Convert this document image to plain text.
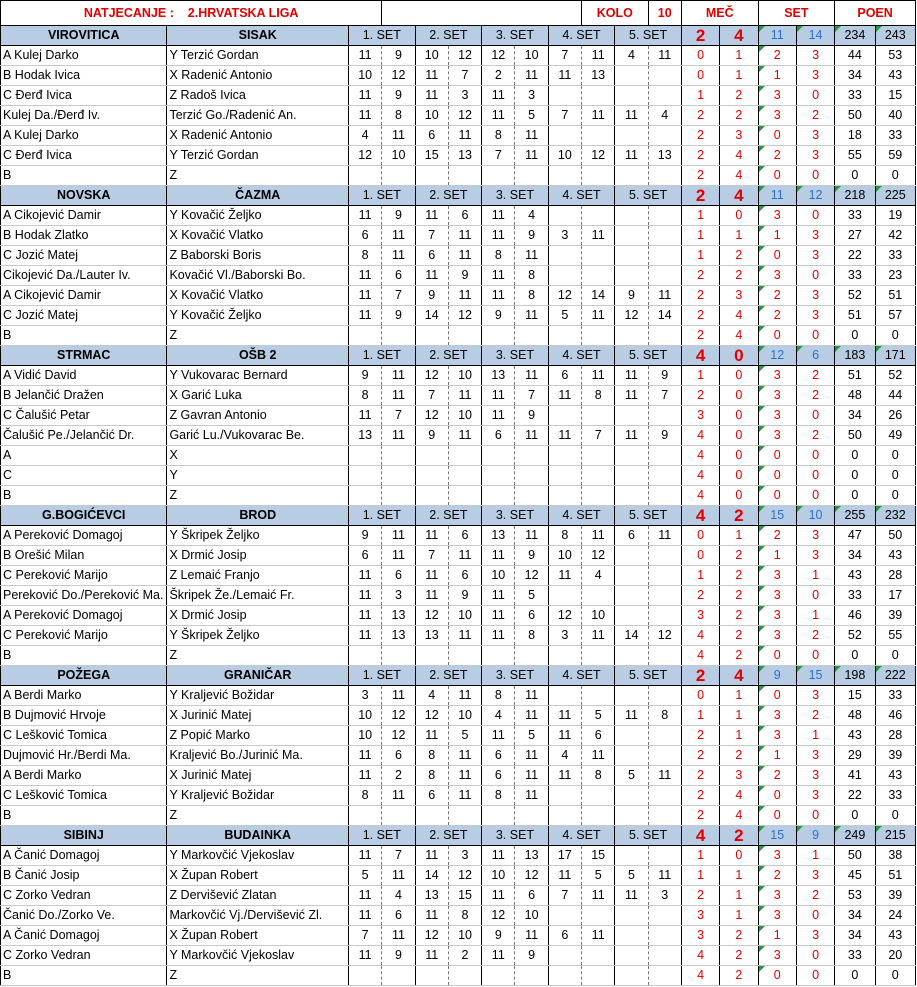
NATJECANJE : 2.HRVATSKA LIGA									KOLO		10	MEČ		SET		POEN	
VIROVITICA	SISAK	1. SET		2. SET		3. SET		4. SET		5. SET		2	4	11	14	234	243
A Kulej Darko	Y Terzić Gordan	11	9	10	12	12	10	7	11	4	11	0	1	2	3	44	53
B Hodak Ivica	X Radenić Antonio	10	12	11	7	2	11	11	13			0	1	1	3	34	43
C Đerđ Ivica	Z Radoš Ivica	11	9	11	3	11	3					1	2	3	0	33	15
Kulej Da./Đerđ Iv.	Terzić Go./Radenić An.	11	8	10	12	11	5	7	11	11	4	2	2	3	2	50	40
A Kulej Darko	X Radenić Antonio	4	11	6	11	8	11					2	3	0	3	18	33
C Đerđ Ivica	Y Terzić Gordan	12	10	15	13	7	11	10	12	11	13	2	4	2	3	55	59
B	Z											2	4	0	0	0	0
NOVSKA	ČAZMA	1. SET		2. SET		3. SET		4. SET		5. SET		2	4	11	12	218	225
A Cikojević Damir	Y Kovačić Željko	11	9	11	6	11	4					1	0	3	0	33	19
B Hodak Zlatko	X Kovačić Vlatko	6	11	7	11	11	9	3	11			1	1	1	3	27	42
C Jozić Matej	Z Baborski Boris	8	11	6	11	8	11					1	2	0	3	22	33
Cikojević Da./Lauter Iv.	Kovačić Vl./Baborski Bo.	11	6	11	9	11	8					2	2	3	0	33	23
A Cikojević Damir	X Kovačić Vlatko	11	7	9	11	11	8	12	14	9	11	2	3	2	3	52	51
C Jozić Matej	Y Kovačić Željko	11	9	14	12	9	11	5	11	12	14	2	4	2	3	51	57
B	Z											2	4	0	0	0	0
STRMAC	OŠB 2	1. SET		2. SET		3. SET		4. SET		5. SET		4	0	12	6	183	171
A Vidić David	Y Vukovarac Bernard	9	11	12	10	13	11	6	11	11	9	1	0	3	2	51	52
B Jelančić Dražen	X Garić Luka	8	11	7	11	11	7	11	8	11	7	2	0	3	2	48	44
C Čalušić Petar	Z Gavran Antonio	11	7	12	10	11	9					3	0	3	0	34	26
Čalušić Pe./Jelančić Dr.	Garić Lu./Vukovarac Be.	13	11	9	11	6	11	11	7	11	9	4	0	3	2	50	49
A	X											4	0	0	0	0	0
C	Y											4	0	0	0	0	0
B	Z											4	0	0	0	0	0
G.BOGIĆEVCI	BROD	1. SET		2. SET		3. SET		4. SET		5. SET		4	2	15	10	255	232
A Pereković Domagoj	Y Škripek Željko	9	11	11	6	13	11	8	11	6	11	0	1	2	3	47	50
B Orešić Milan	X Drmić Josip	6	11	7	11	11	9	10	12			0	2	1	3	34	43
C Pereković Marijo	Z Lemaić Franjo	11	6	11	6	10	12	11	4			1	2	3	1	43	28
Pereković Do./Pereković Ma.	Škripek Že./Lemaić Fr.	11	3	11	9	11	5					2	2	3	0	33	17
A Pereković Domagoj	X Drmić Josip	11	13	12	10	11	6	12	10			3	2	3	1	46	39
C Pereković Marijo	Y Škripek Željko	11	13	13	11	11	8	3	11	14	12	4	2	3	2	52	55
B	Z											4	2	0	0	0	0
POŽEGA	GRANIČAR	1. SET		2. SET		3. SET		4. SET		5. SET		2	4	9	15	198	222
A Berdi Marko	Y Kraljević Božidar	3	11	4	11	8	11					0	1	0	3	15	33
B Dujmović Hrvoje	X Jurinić Matej	10	12	12	10	4	11	11	5	11	8	1	1	3	2	48	46
C Lešković Tomica	Z Popić Marko	10	12	11	5	11	5	11	6			2	1	3	1	43	28
Dujmović Hr./Berdi Ma.	Kraljević Bo./Jurinić Ma.	11	6	8	11	6	11	4	11			2	2	1	3	29	39
A Berdi Marko	X Jurinić Matej	11	2	8	11	6	11	11	8	5	11	2	3	2	3	41	43
C Lešković Tomica	Y Kraljević Božidar	8	11	6	11	8	11					2	4	0	3	22	33
B	Z											2	4	0	0	0	0
SIBINJ	BUDAINKA	1. SET		2. SET		3. SET		4. SET		5. SET		4	2	15	9	249	215
A Čanić Domagoj	Y Markovčić Vjekoslav	11	7	11	3	11	13	17	15			1	0	3	1	50	38
B Čanić Josip	X Župan Robert	5	11	14	12	10	12	11	5	5	11	1	1	2	3	45	51
C Zorko Vedran	Z Dervišević Zlatan	11	4	13	15	11	6	7	11	11	3	2	1	3	2	53	39
Čanić Do./Zorko Ve.	Markovčić Vj./Dervišević Zl.	11	6	11	8	12	10					3	1	3	0	34	24
A Čanić Domagoj	X Župan Robert	7	11	12	10	9	11	6	11			3	2	1	3	34	43
C Zorko Vedran	Y Markovčić Vjekoslav	11	9	11	2	11	9					4	2	3	0	33	20
B	Z											4	2	0	0	0	0
